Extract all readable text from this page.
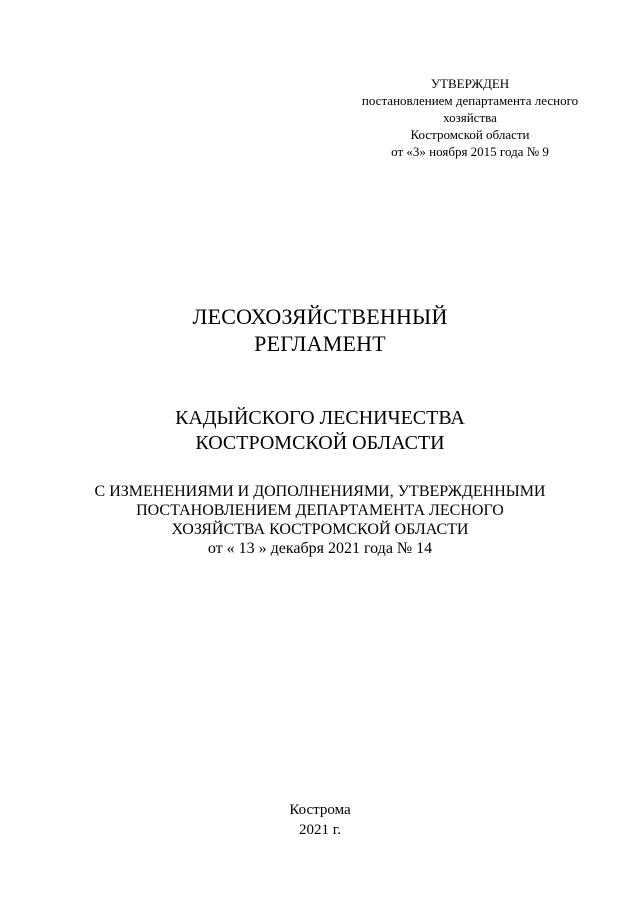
УТВЕРЖДЕН
постановлением департамента лесного
хозяйства
Костромской области
от «3» ноября 2015 года № 9
ЛЕСОХОЗЯЙСТВЕННЫЙ
РЕГЛАМЕНТ
КАДЫЙСКОГО ЛЕСНИЧЕСТВА
КОСТРОМСКОЙ ОБЛАСТИ
С ИЗМЕНЕНИЯМИ И ДОПОЛНЕНИЯМИ, УТВЕРЖДЕННЫМИ
ПОСТАНОВЛЕНИЕМ ДЕПАРТАМЕНТА ЛЕСНОГО
ХОЗЯЙСТВА КОСТРОМСКОЙ ОБЛАСТИ
от « 13 » декабря 2021 года № 14
Кострома
2021 г.
